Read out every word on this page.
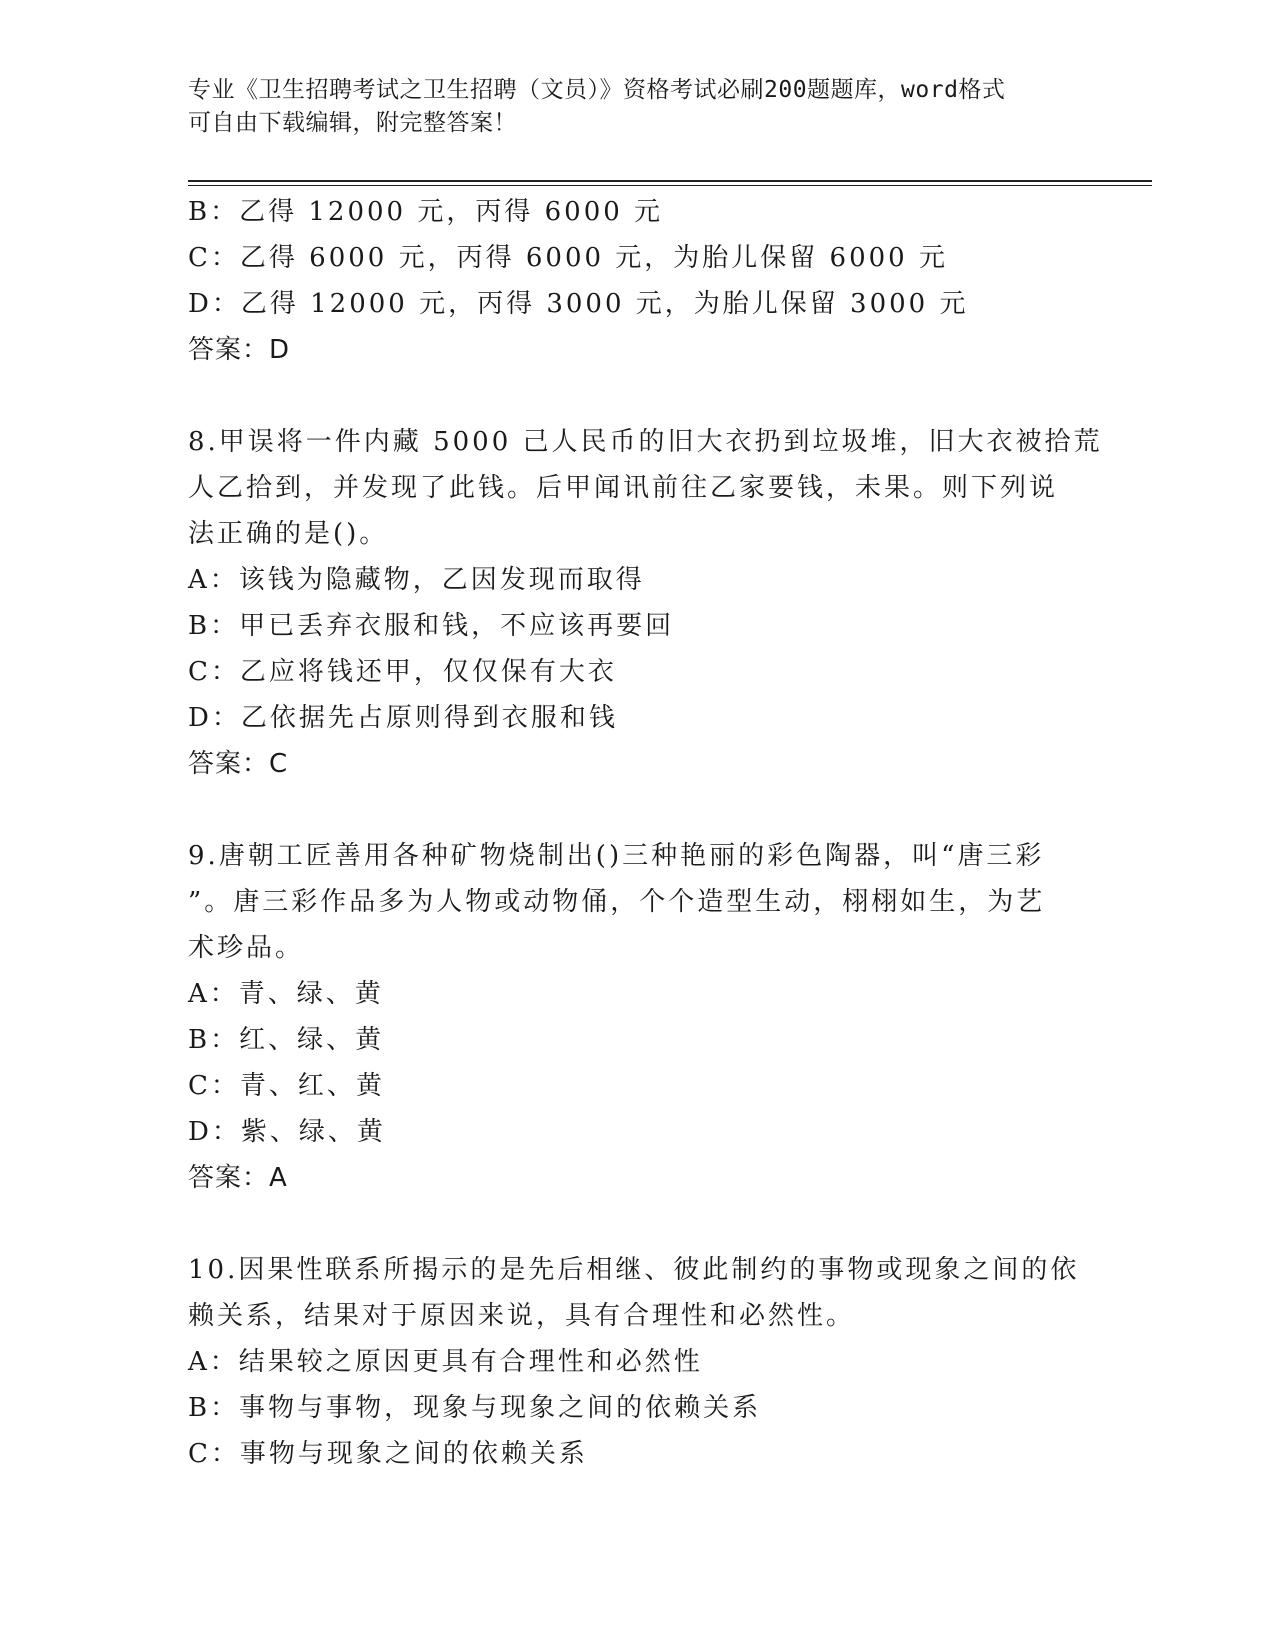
专业《卫生招聘考试之卫生招聘（文员）》资格考试必刷200题题库，word格式
可自由下载编辑，附完整答案！
B：乙得 12000 元，丙得 6000 元
C：乙得 6000 元，丙得 6000 元，为胎儿保留 6000 元
D：乙得 12000 元，丙得 3000 元，为胎儿保留 3000 元
答案：D
8.甲误将一件内藏 5000 己人民币的旧大衣扔到垃圾堆，旧大衣被拾荒
人乙拾到，并发现了此钱。后甲闻讯前往乙家要钱，未果。则下列说
法正确的是()。
A：该钱为隐藏物，乙因发现而取得
B：甲已丢弃衣服和钱，不应该再要回
C：乙应将钱还甲，仅仅保有大衣
D：乙依据先占原则得到衣服和钱
答案：C
9.唐朝工匠善用各种矿物烧制出()三种艳丽的彩色陶器，叫“唐三彩
”。唐三彩作品多为人物或动物俑，个个造型生动，栩栩如生，为艺
术珍品。
A：青、绿、黄
B：红、绿、黄
C：青、红、黄
D：紫、绿、黄
答案：A
10.因果性联系所揭示的是先后相继、彼此制约的事物或现象之间的依
赖关系，结果对于原因来说，具有合理性和必然性。
A：结果较之原因更具有合理性和必然性
B：事物与事物，现象与现象之间的依赖关系
C：事物与现象之间的依赖关系
